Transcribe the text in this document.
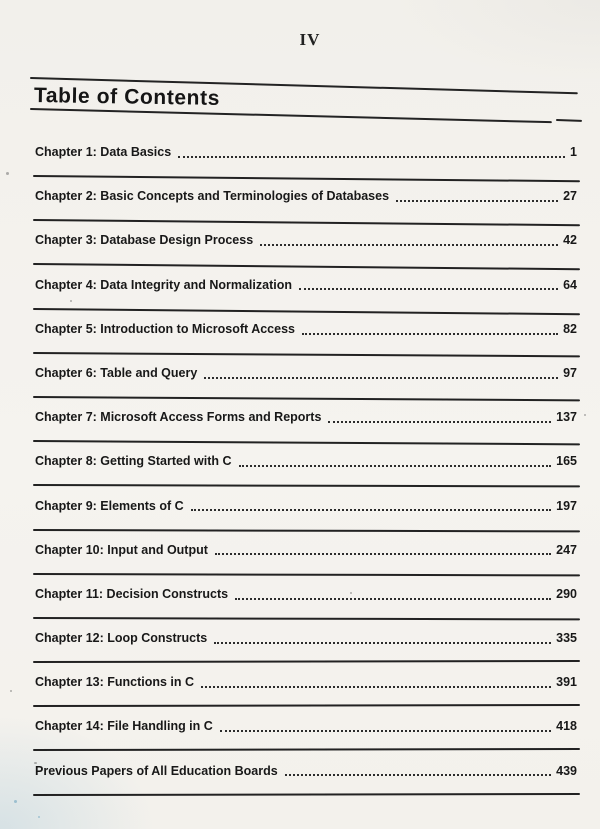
IV
Table of Contents
Chapter 1: Data Basics	1
Chapter 2: Basic Concepts and Terminologies of Databases	27
Chapter 3: Database Design Process	42
Chapter 4: Data Integrity and Normalization	64
Chapter 5: Introduction to Microsoft Access	82
Chapter 6: Table and Query	97
Chapter 7: Microsoft Access Forms and Reports	137
Chapter 8: Getting Started with C	165
Chapter 9: Elements of C	197
Chapter 10: Input and Output	247
Chapter 11: Decision Constructs	290
Chapter 12: Loop Constructs	335
Chapter 13: Functions in C	391
Chapter 14: File Handling in C	418
Previous Papers of All Education Boards	439
